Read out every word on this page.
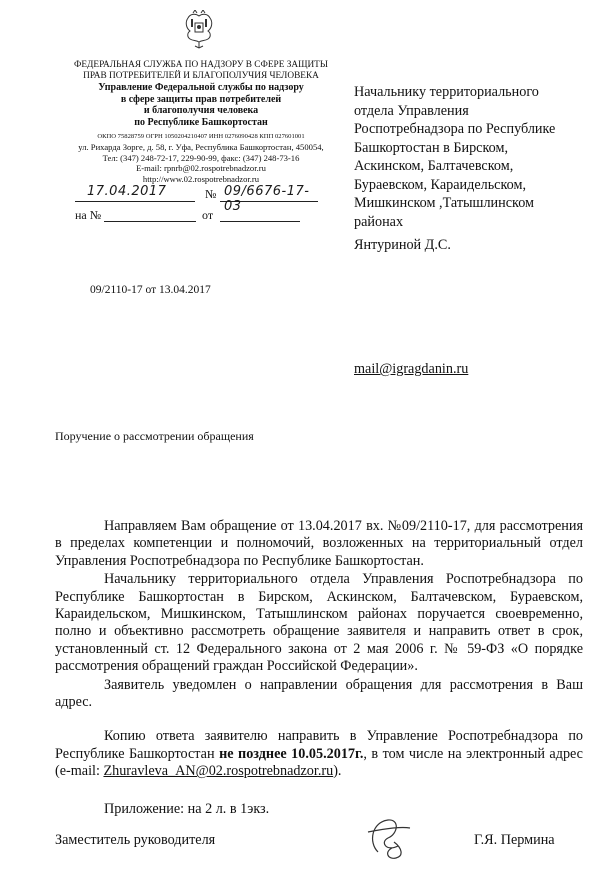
ФЕДЕРАЛЬНАЯ СЛУЖБА ПО НАДЗОРУ В СФЕРЕ ЗАЩИТЫ
ПРАВ ПОТРЕБИТЕЛЕЙ И БЛАГОПОЛУЧИЯ ЧЕЛОВЕКА
Управление Федеральной службы по надзору
в сфере защиты прав потребителей
и благополучия человека
по Республике Башкортостан
ОКПО 75828759 ОГРН 1050204210407 ИНН 0276090428 КПП 027601001
ул. Рихарда Зорге, д. 58, г. Уфа, Республика Башкортостан, 450054,
Тел: (347) 248-72-17, 229-90-99, факс: (347) 248-73-16
E-mail: rpnrb@02.rospotrebnadzor.ru
http://www.02.rospotrebnadzor.ru
17.04.2017	№ 09/6676-17-03
на №	от
09/2110-17 от 13.04.2017
Начальнику территориального
отдела Управления
Роспотребнадзора по Республике
Башкортостан в Бирском,
Аскинском, Балтачевском,
Бураевском, Караидельском,
Мишкинском ,Татышлинском
районах
Янтуриной Д.С.
mail@igragdanin.ru
Поручение о рассмотрении обращения

Направляем Вам обращение от 13.04.2017 вх. №09/2110-17, для рассмотрения в пределах компетенции и полномочий, возложенных на территориальный отдел Управления Роспотребнадзора по Республике Башкортостан.

Начальнику территориального отдела Управления Роспотребнадзора по Республике Башкортостан в Бирском, Аскинском, Балтачевском, Бураевском, Караидельском, Мишкинском, Татышлинском районах поручается своевременно, полно и объективно рассмотреть обращение заявителя и направить ответ в срок, установленный ст. 12 Федерального закона от 2 мая 2006 г. № 59-ФЗ «О порядке рассмотрения обращений граждан Российской Федерации».

Заявитель уведомлен о направлении обращения для рассмотрения в Ваш адрес.

Копию ответа заявителю направить в Управление Роспотребнадзора по Республике Башкортостан не позднее 10.05.2017г., в том числе на электронный адрес (e-mail: Zhuravleva_AN@02.rospotrebnadzor.ru).

Приложение: на 2 л. в 1экз.

Заместитель руководителя	Г.Я. Пермина
